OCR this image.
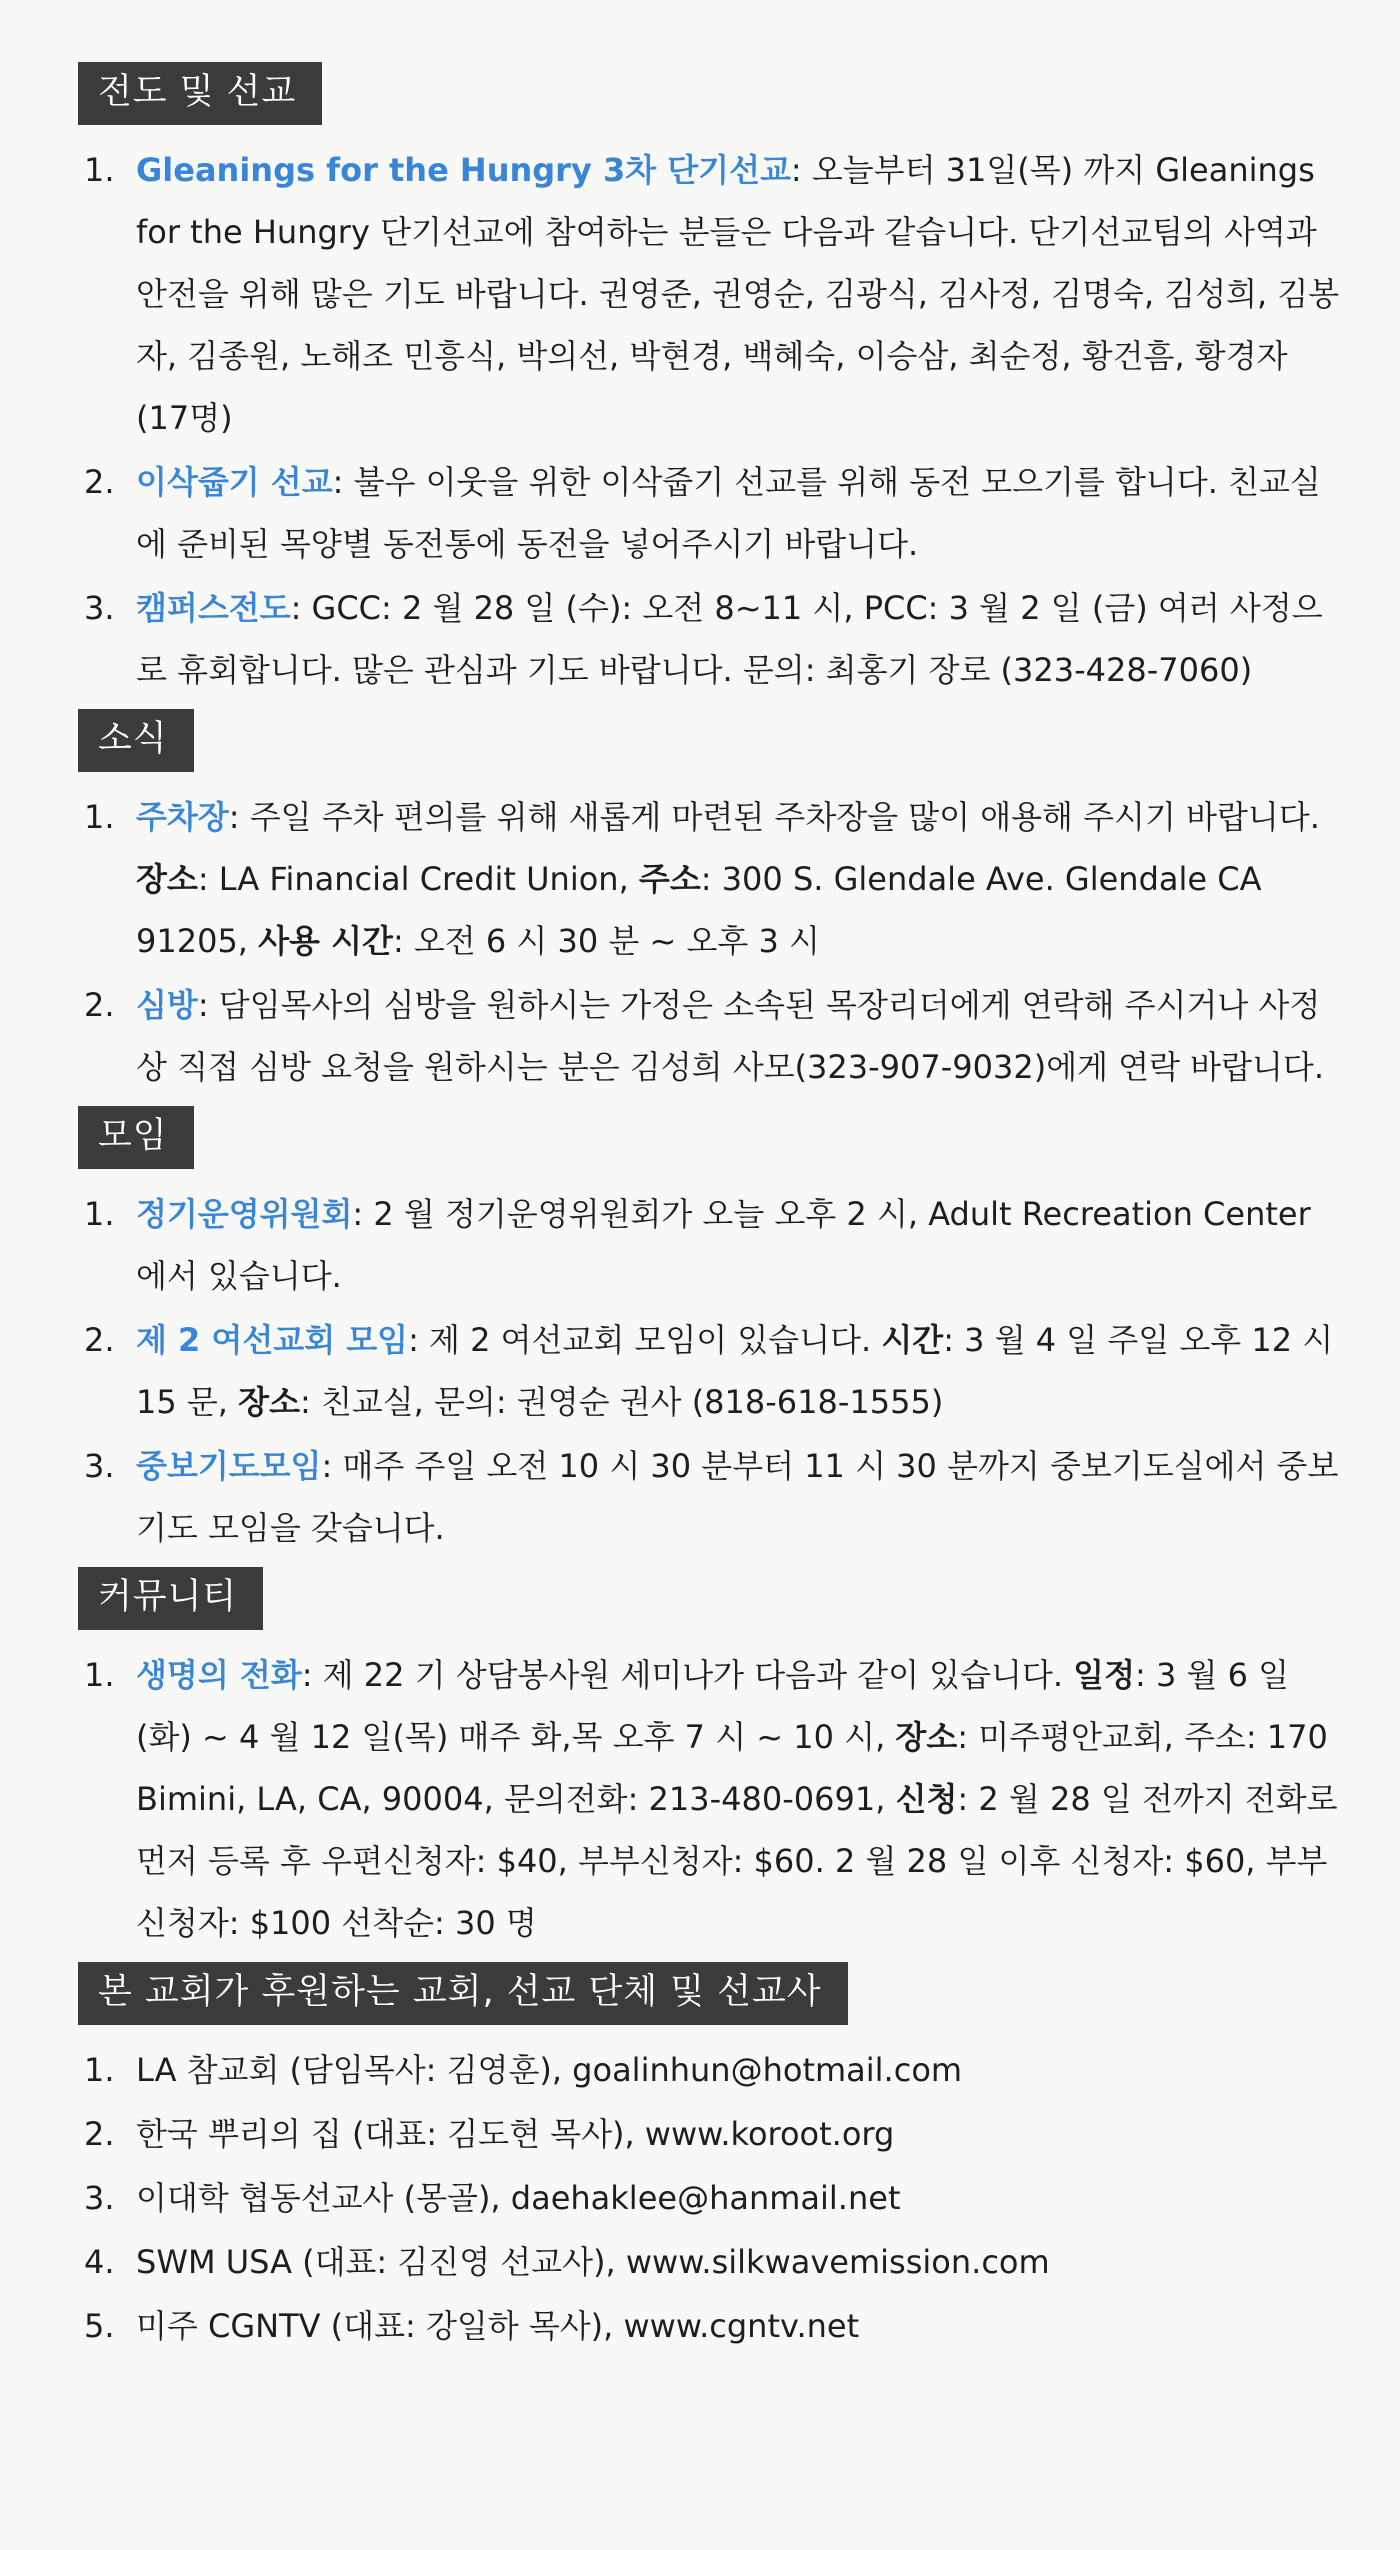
전도 및 선교
1. Gleanings for the Hungry 3차 단기선교: 오늘부터 31일(목) 까지 Gleanings for the Hungry 단기선교에 참여하는 분들은 다음과 같습니다. 단기선교팀의 사역과 안전을 위해 많은 기도 바랍니다. 권영준, 권영순, 김광식, 김사정, 김명숙, 김성희, 김봉자, 김종원, 노해조 민흥식, 박의선, 박현경, 백혜숙, 이승삼, 최순정, 황건흠, 황경자 (17명)
2. 이삭줍기 선교: 불우 이웃을 위한 이삭줍기 선교를 위해 동전 모으기를 합니다. 친교실에 준비된 목양별 동전통에 동전을 넣어주시기 바랍니다.
3. 캠퍼스전도: GCC: 2 월 28 일 (수): 오전 8~11 시, PCC: 3 월 2 일 (금) 여러 사정으로 휴회합니다. 많은 관심과 기도 바랍니다. 문의: 최홍기 장로 (323-428-7060)
소식
1. 주차장: 주일 주차 편의를 위해 새롭게 마련된 주차장을 많이 애용해 주시기 바랍니다. 장소: LA Financial Credit Union, 주소: 300 S. Glendale Ave. Glendale CA 91205, 사용 시간: 오전 6 시 30 분 ~ 오후 3 시
2. 심방: 담임목사의 심방을 원하시는 가정은 소속된 목장리더에게 연락해 주시거나 사정상 직접 심방 요청을 원하시는 분은 김성희 사모(323-907-9032)에게 연락 바랍니다.
모임
1. 정기운영위원회: 2 월 정기운영위원회가 오늘 오후 2 시, Adult Recreation Center 에서 있습니다.
2. 제 2 여선교회 모임: 제 2 여선교회 모임이 있습니다. 시간: 3 월 4 일 주일 오후 12 시 15 문, 장소: 친교실, 문의: 권영순 권사 (818-618-1555)
3. 중보기도모임: 매주 주일 오전 10 시 30 분부터 11 시 30 분까지 중보기도실에서 중보기도 모임을 갖습니다.
커뮤니티
1. 생명의 전화: 제 22 기 상담봉사원 세미나가 다음과 같이 있습니다. 일정: 3 월 6 일(화) ~ 4 월 12 일(목) 매주 화,목 오후 7 시 ~ 10 시, 장소: 미주평안교회, 주소: 170 Bimini, LA, CA, 90004, 문의전화: 213-480-0691, 신청: 2 월 28 일 전까지 전화로 먼저 등록 후 우편신청자: $40, 부부신청자: $60. 2 월 28 일 이후 신청자: $60, 부부신청자: $100 선착순: 30 명
본 교회가 후원하는 교회, 선교 단체 및 선교사
1. LA 참교회 (담임목사: 김영훈), goalinhun@hotmail.com
2. 한국 뿌리의 집 (대표: 김도현 목사), www.koroot.org
3. 이대학 협동선교사 (몽골), daehaklee@hanmail.net
4. SWM USA (대표: 김진영 선교사), www.silkwavemission.com
5. 미주 CGNTV (대표: 강일하 목사), www.cgntv.net
